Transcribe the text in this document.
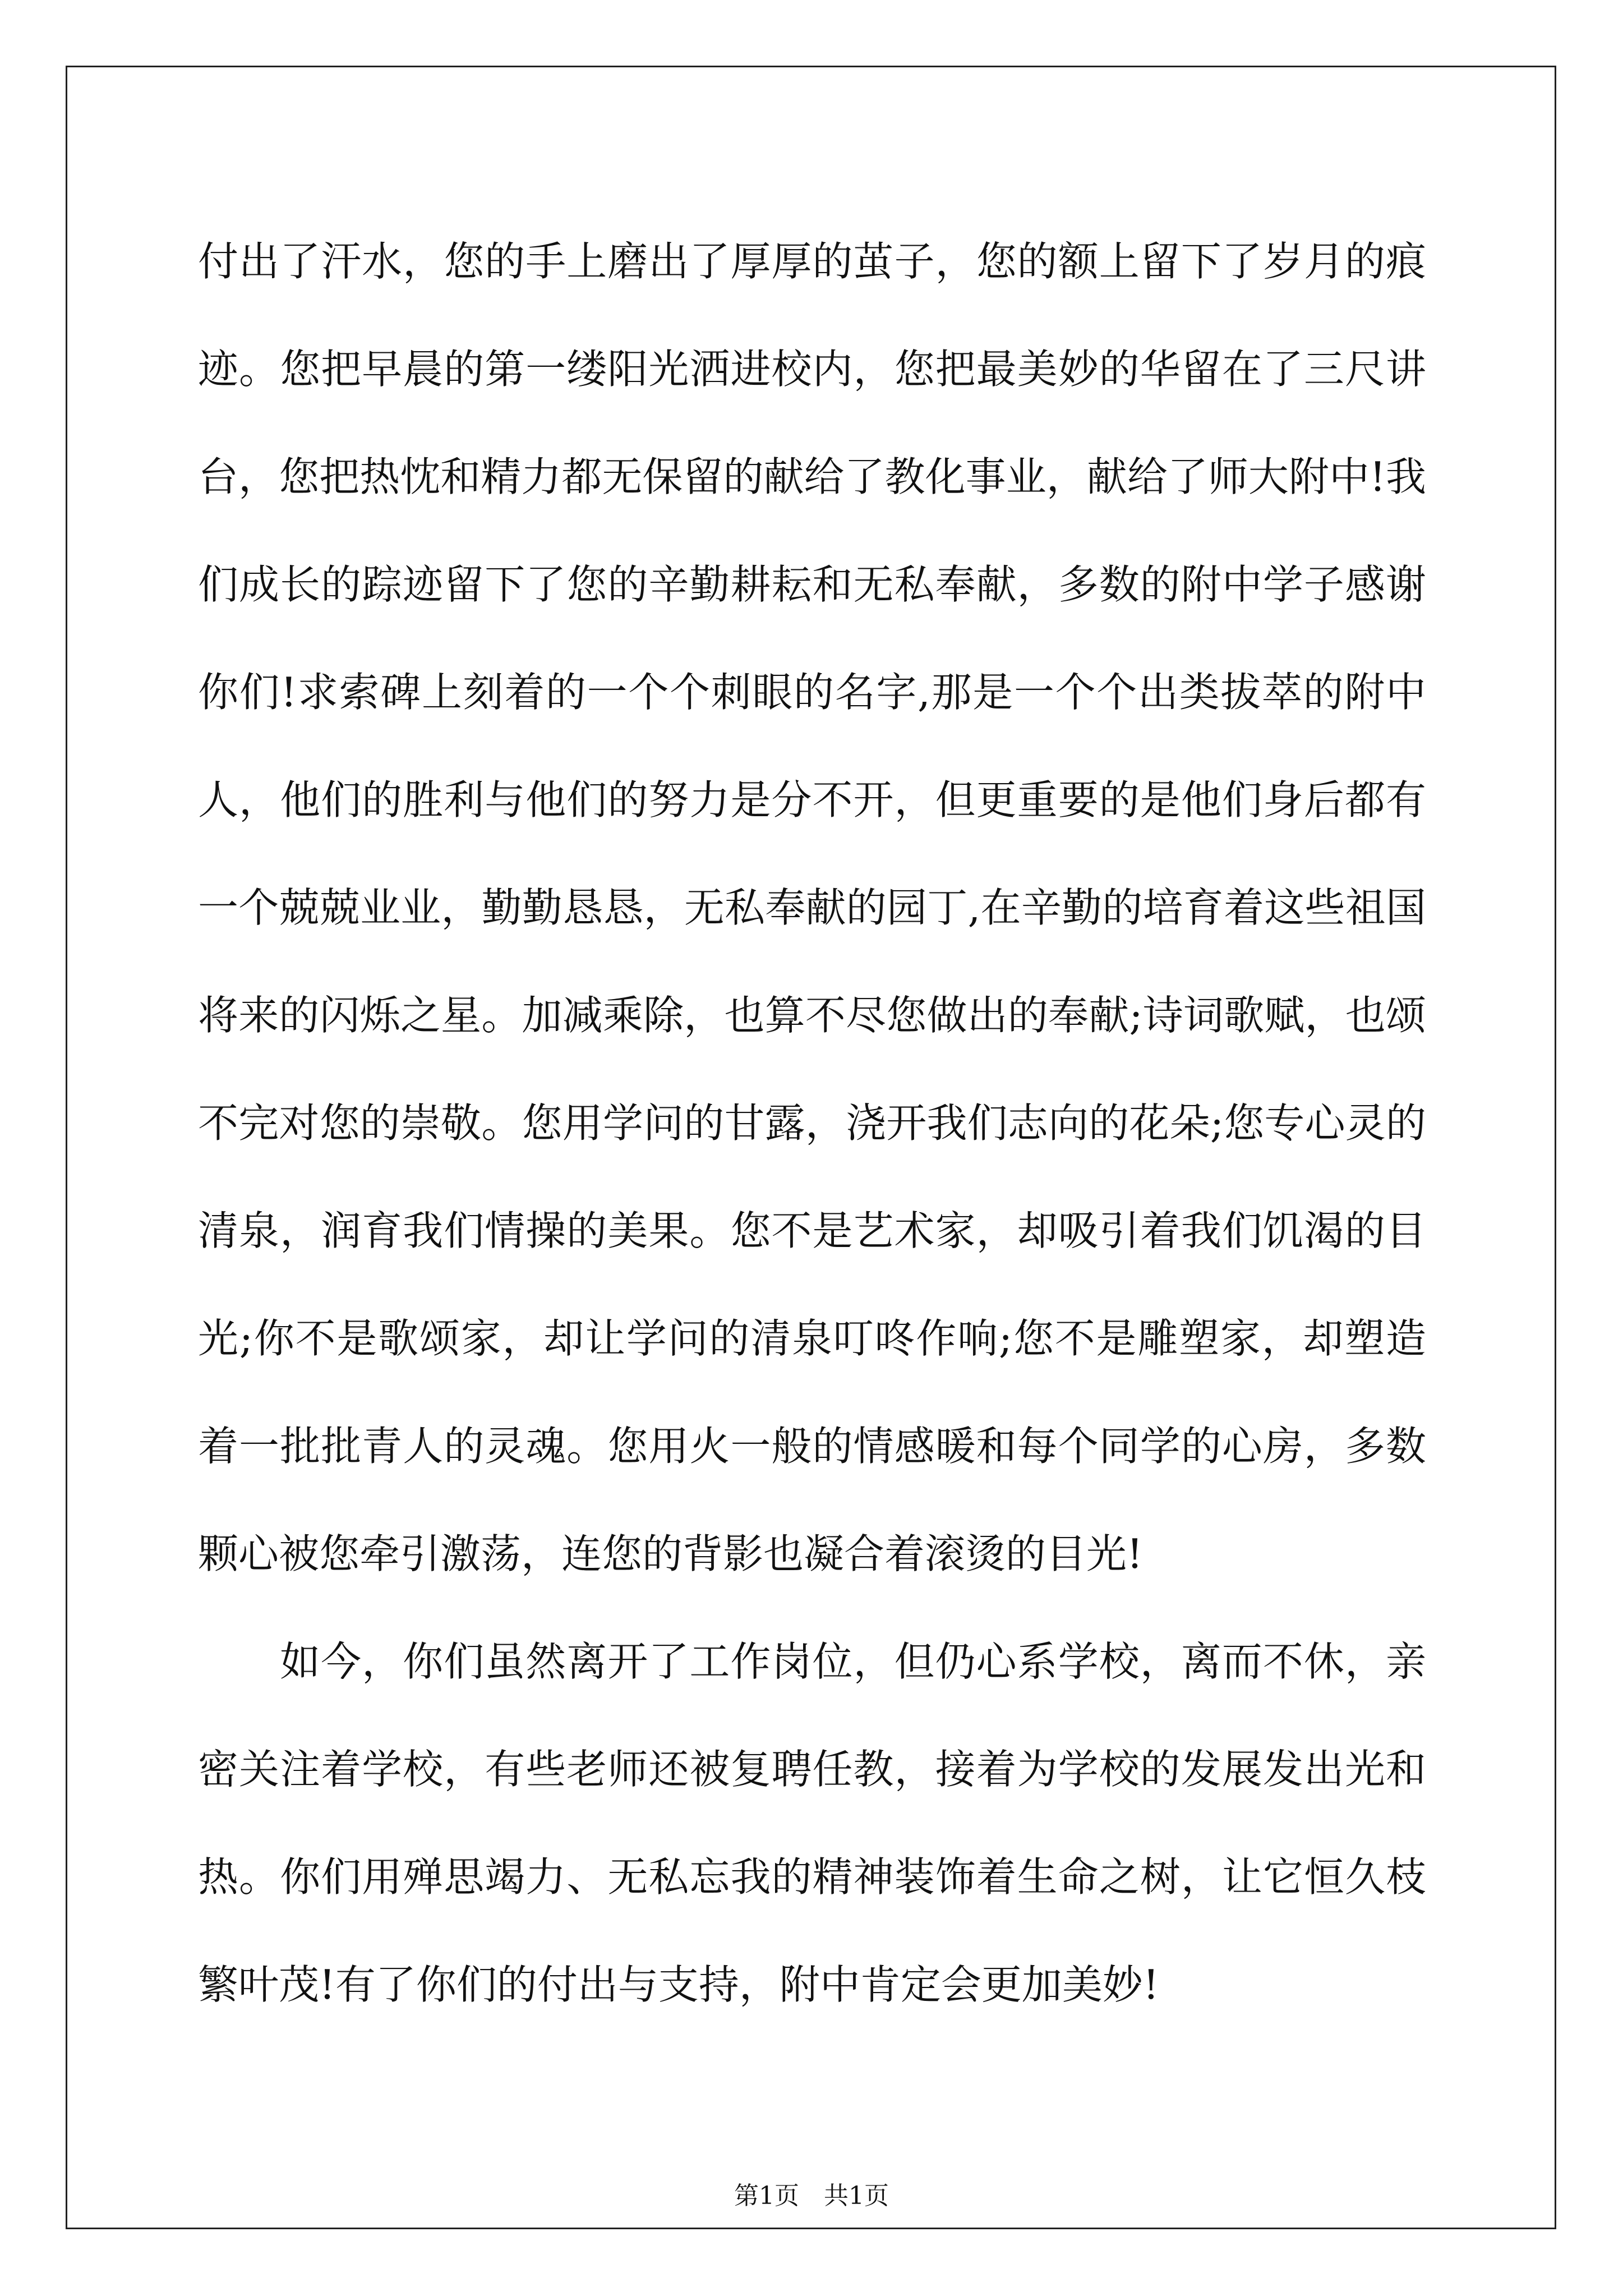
付出了汗水，您的手上磨出了厚厚的茧子，您的额上留下了岁月的痕
迹。您把早晨的第一缕阳光洒进校内，您把最美妙的华留在了三尺讲
台，您把热忱和精力都无保留的献给了教化事业，献给了师大附中!我
们成长的踪迹留下了您的辛勤耕耘和无私奉献，多数的附中学子感谢
你们!求索碑上刻着的一个个刺眼的名字,那是一个个出类拔萃的附中
人，他们的胜利与他们的努力是分不开，但更重要的是他们身后都有
一个兢兢业业，勤勤恳恳，无私奉献的园丁,在辛勤的培育着这些祖国
将来的闪烁之星。加减乘除，也算不尽您做出的奉献;诗词歌赋，也颂
不完对您的崇敬。您用学问的甘露，浇开我们志向的花朵;您专心灵的
清泉，润育我们情操的美果。您不是艺术家，却吸引着我们饥渴的目
光;你不是歌颂家，却让学问的清泉叮咚作响;您不是雕塑家，却塑造
着一批批青人的灵魂。您用火一般的情感暖和每个同学的心房，多数
颗心被您牵引激荡，连您的背影也凝合着滚烫的目光!
　　如今，你们虽然离开了工作岗位，但仍心系学校，离而不休，亲
密关注着学校，有些老师还被复聘任教，接着为学校的发展发出光和
热。你们用殚思竭力、无私忘我的精神装饰着生命之树，让它恒久枝
繁叶茂!有了你们的付出与支持，附中肯定会更加美妙!
第1页　共1页
